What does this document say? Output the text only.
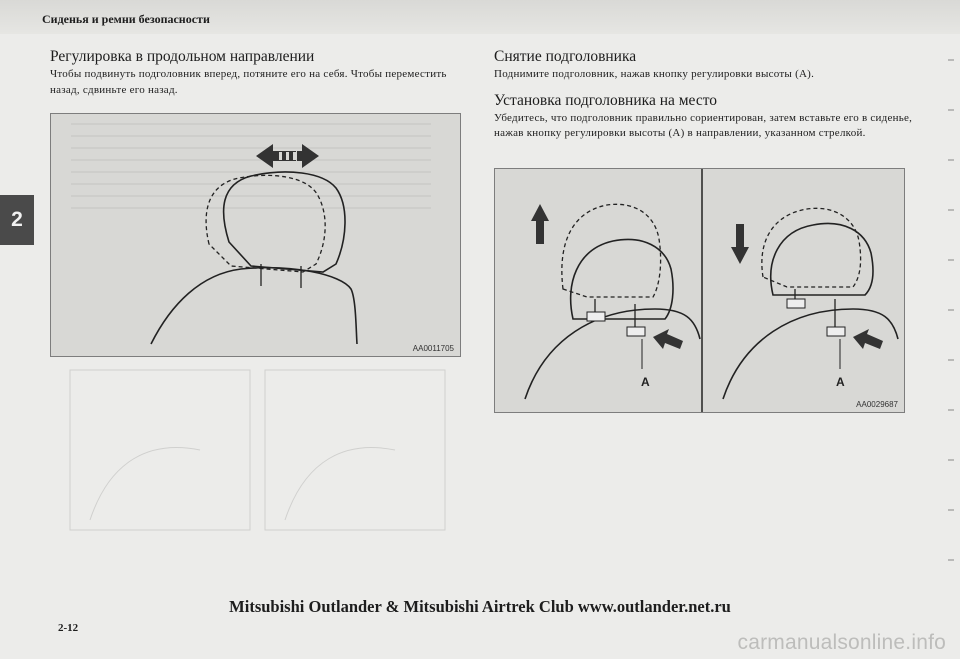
Сиденья и ремни безопасности
2
Регулировка в продольном направлении

Чтобы подвинуть подголовник вперед, потяните его на себя. Чтобы переместить назад, сдвиньте его назад.

Снятие подголовника

Поднимите подголовник, нажав кнопку регулировки высоты (A).

Установка подголовника на место

Убедитесь, что подголовник правильно сориентирован, затем вставьте его в сиденье, нажав кнопку регулировки высоты (A) в направлении, указанном стрелкой.

AA0011705
A	A
AA0029687
Mitsubishi Outlander & Mitsubishi Airtrek Club www.outlander.net.ru
2-12
carmanualsonline.info
